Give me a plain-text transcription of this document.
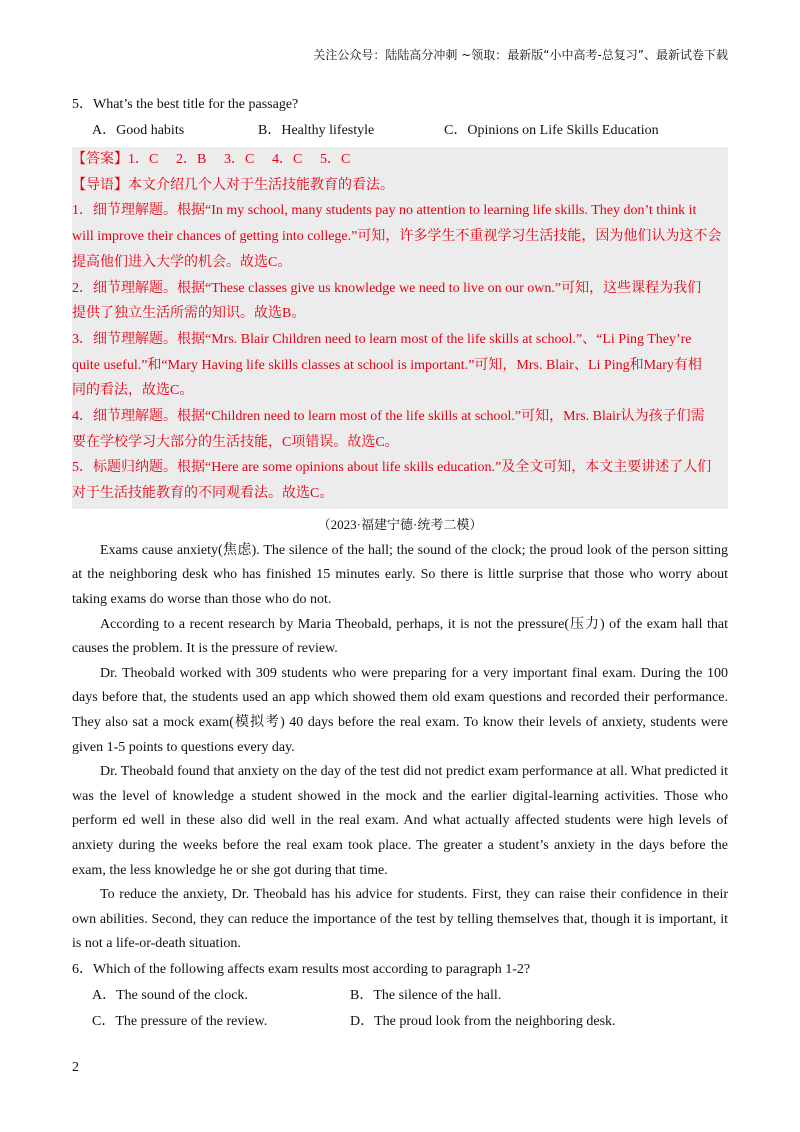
关注公众号：陆陆高分冲刺 ~领取：最新版“小中高考-总复习”、最新试卷下载
5．What’s the best title for the passage?
A．Good habits	B．Healthy lifestyle	C．Opinions on Life Skills Education
【答案】 1．C	2．B	3．C	4．C	5．C
【导语】本文介绍几个人对于生活技能教育的看法。
1．细节理解题。根据“In my school, many students pay no attention to learning life skills. They don’t think it
will improve their chances of getting into college.”可知，许多学生不重视学习生活技能，因为他们认为这不会
提高他们进入大学的机会。故选C。
2．细节理解题。根据“These classes give us knowledge we need to live on our own.”可知，这些课程为我们
提供了独立生活所需的知识。故选B。
3．细节理解题。根据“Mrs. Blair Children need to learn most of the life skills at school.”、“Li Ping They’re
quite useful.”和“Mary Having life skills classes at school is important.”可知，Mrs. Blair、Li Ping和Mary有相
同的看法，故选C。
4．细节理解题。根据“Children need to learn most of the life skills at school.”可知，Mrs. Blair认为孩子们需
要在学校学习大部分的生活技能，C项错误。故选C。
5．标题归纳题。根据“Here are some opinions about life skills education.”及全文可知，本文主要讲述了人们
对于生活技能教育的不同观看法。故选C。
（2023·福建宁德·统考二模）

Exams cause anxiety(焦虑). The silence of the hall; the sound of the clock; the proud look of the person sitting at the neighboring desk who has finished 15 minutes early. So there is little surprise that those who worry about taking exams do worse than those who do not.

According to a recent research by Maria Theobald, perhaps, it is not the pressure(压力) of the exam hall that causes the problem. It is the pressure of review.

Dr. Theobald worked with 309 students who were preparing for a very important final exam. During the 100 days before that, the students used an app which showed them old exam questions and recorded their performance. They also sat a mock exam(模拟考) 40 days before the real exam. To know their levels of anxiety, students were given 1-5 points to questions every day.

Dr. Theobald found that anxiety on the day of the test did not predict exam performance at all. What predicted it was the level of knowledge a student showed in the mock and the earlier digital-learning activities. Those who perform ed well in these also did well in the real exam. And what actually affected students were high levels of anxiety during the weeks before the real exam took place. The greater a student’s anxiety in the days before the exam, the less knowledge he or she got during that time.

To reduce the anxiety, Dr. Theobald has his advice for students. First, they can raise their confidence in their own abilities. Second, they can reduce the importance of the test by telling themselves that, though it is important, it is not a life-or-death situation.

6．Which of the following affects exam results most according to paragraph 1-2?
A．The sound of the clock.	B．The silence of the hall.
C．The pressure of the review.	D．The proud look from the neighboring desk.
2
